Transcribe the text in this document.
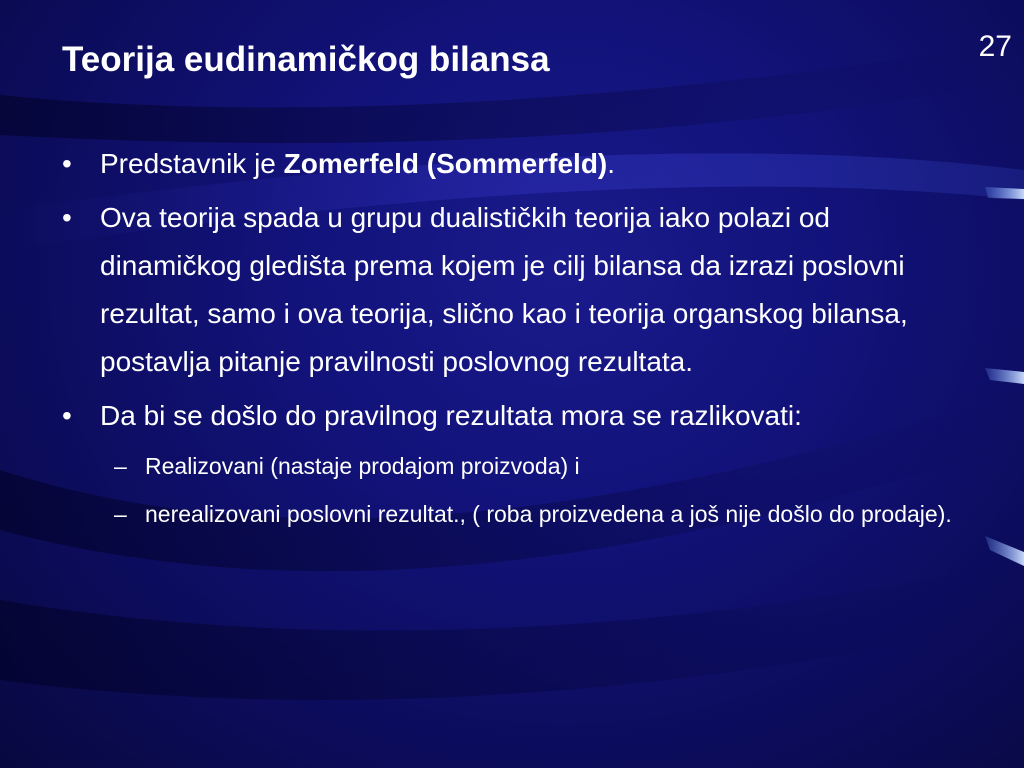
Teorija eudinamičkog bilansa	27
• Predstavnik je Zomerfeld (Sommerfeld).
• Ova teorija spada u grupu dualističkih teorija iako polazi od dinamičkog gledišta prema kojem je cilj bilansa da izrazi poslovni rezultat, samo i ova teorija, slično kao i teorija organskog bilansa, postavlja pitanje pravilnosti poslovnog rezultata.
• Da bi se došlo do pravilnog rezultata mora se razlikovati:
– Realizovani (nastaje prodajom proizvoda) i
– nerealizovani poslovni rezultat., ( roba proizvedena a još nije došlo do prodaje).
